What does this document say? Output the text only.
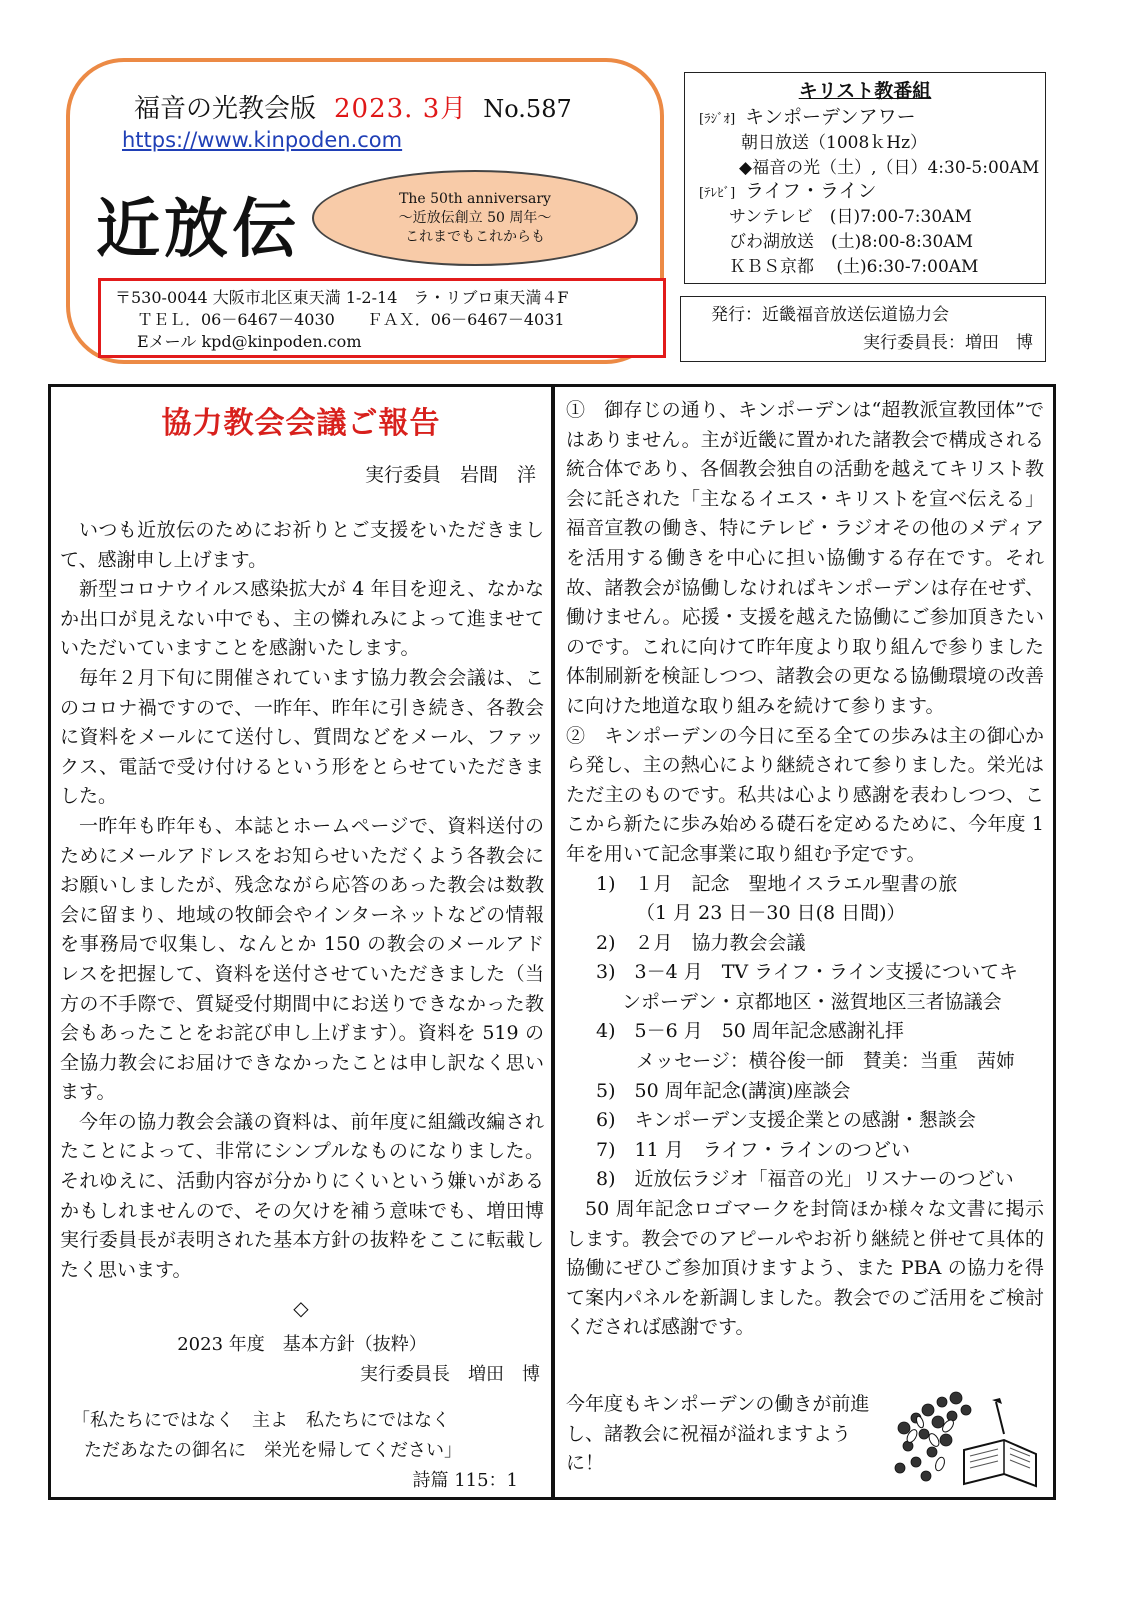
福音の光教会版 2023. 3月 No.587
https://www.kinpoden.com
近放伝	The 50th anniversary
〜近放伝創立 50 周年〜
これまでもこれからも
〒530-0044 大阪市北区東天満 1-2-14　ラ・リブロ東天満４F
ＴＥＬ．06－6467－4030　　ＦＡＸ．06－6467－4031
Eメール kpd@kinpoden.com
キリスト教番組
[ﾗｼﾞｵ] キンポーデンアワー
朝日放送（1008ｋHz）
◆福音の光（土）,（日）4:30-5:00AM
[ﾃﾚﾋﾞ] ライフ・ライン
サンテレビ　(日)7:00-7:30AM
びわ湖放送　(土)8:00-8:30AM
ＫＢＳ京都　 (土)6:30-7:00AM
発行：近畿福音放送伝道協力会
実行委員長：増田　博
協力教会会議ご報告
実行委員　岩間　洋

いつも近放伝のためにお祈りとご支援をいただきまして、感謝申し上げます。

新型コロナウイルス感染拡大が 4 年目を迎え、なかなか出口が見えない中でも、主の憐れみによって進ませていただいていますことを感謝いたします。

毎年２月下旬に開催されています協力教会会議は、このコロナ禍ですので、一昨年、昨年に引き続き、各教会に資料をメールにて送付し、質問などをメール、ファックス、電話で受け付けるという形をとらせていただきました。

一昨年も昨年も、本誌とホームページで、資料送付のためにメールアドレスをお知らせいただくよう各教会にお願いしましたが、残念ながら応答のあった教会は数教会に留まり、地域の牧師会やインターネットなどの情報を事務局で収集し、なんとか 150 の教会のメールアドレスを把握して、資料を送付させていただきました（当方の不手際で、質疑受付期間中にお送りできなかった教会もあったことをお詫び申し上げます）。資料を 519 の全協力教会にお届けできなかったことは申し訳なく思います。

今年の協力教会会議の資料は、前年度に組織改編されたことによって、非常にシンプルなものになりました。それゆえに、活動内容が分かりにくいという嫌いがあるかもしれませんので、その欠けを補う意味でも、増田博実行委員長が表明された基本方針の抜粋をここに転載したく思います。

◇
2023 年度　基本方針（抜粋）
実行委員長　増田　博
「私たちにではなく　主よ　私たちにではなく
ただあなたの御名に　栄光を帰してください」
詩篇 115：1

①　御存じの通り、キンポーデンは“超教派宣教団体”ではありません。主が近畿に置かれた諸教会で構成される統合体であり、各個教会独自の活動を越えてキリスト教会に託された「主なるイエス・キリストを宣べ伝える」福音宣教の働き、特にテレビ・ラジオその他のメディアを活用する働きを中心に担い協働する存在です。それ故、諸教会が協働しなければキンポーデンは存在せず、働けません。応援・支援を越えた協働にご参加頂きたいのです。これに向けて昨年度より取り組んで参りました体制刷新を検証しつつ、諸教会の更なる協働環境の改善に向けた地道な取り組みを続けて参ります。

②　キンポーデンの今日に至る全ての歩みは主の御心から発し、主の熱心により継続されて参りました。栄光はただ主のものです。私共は心より感謝を表わしつつ、ここから新たに歩み始める礎石を定めるために、今年度 1 年を用いて記念事業に取り組む予定です。

1)　１月　記念　聖地イスラエル聖書の旅
（1 月 23 日－30 日(8 日間)）
2)　２月　協力教会会議
3)　3－4 月　TV ライフ・ライン支援についてキ
ンポーデン・京都地区・滋賀地区三者協議会
4)　5－6 月　50 周年記念感謝礼拝
メッセージ：横谷俊一師　賛美：当重　茜姉
5)　50 周年記念(講演)座談会
6)　キンポーデン支援企業との感謝・懇談会
7)　11 月　ライフ・ラインのつどい
8)　近放伝ラジオ「福音の光」リスナーのつどい

50 周年記念ロゴマークを封筒ほか様々な文書に掲示します。教会でのアピールやお祈り継続と併せて具体的協働にぜひご参加頂けますよう、また PBA の協力を得て案内パネルを新調しました。教会でのご活用をご検討くだされば感謝です。

今年度もキンポーデンの働きが前進し、諸教会に祝福が溢れますように！
